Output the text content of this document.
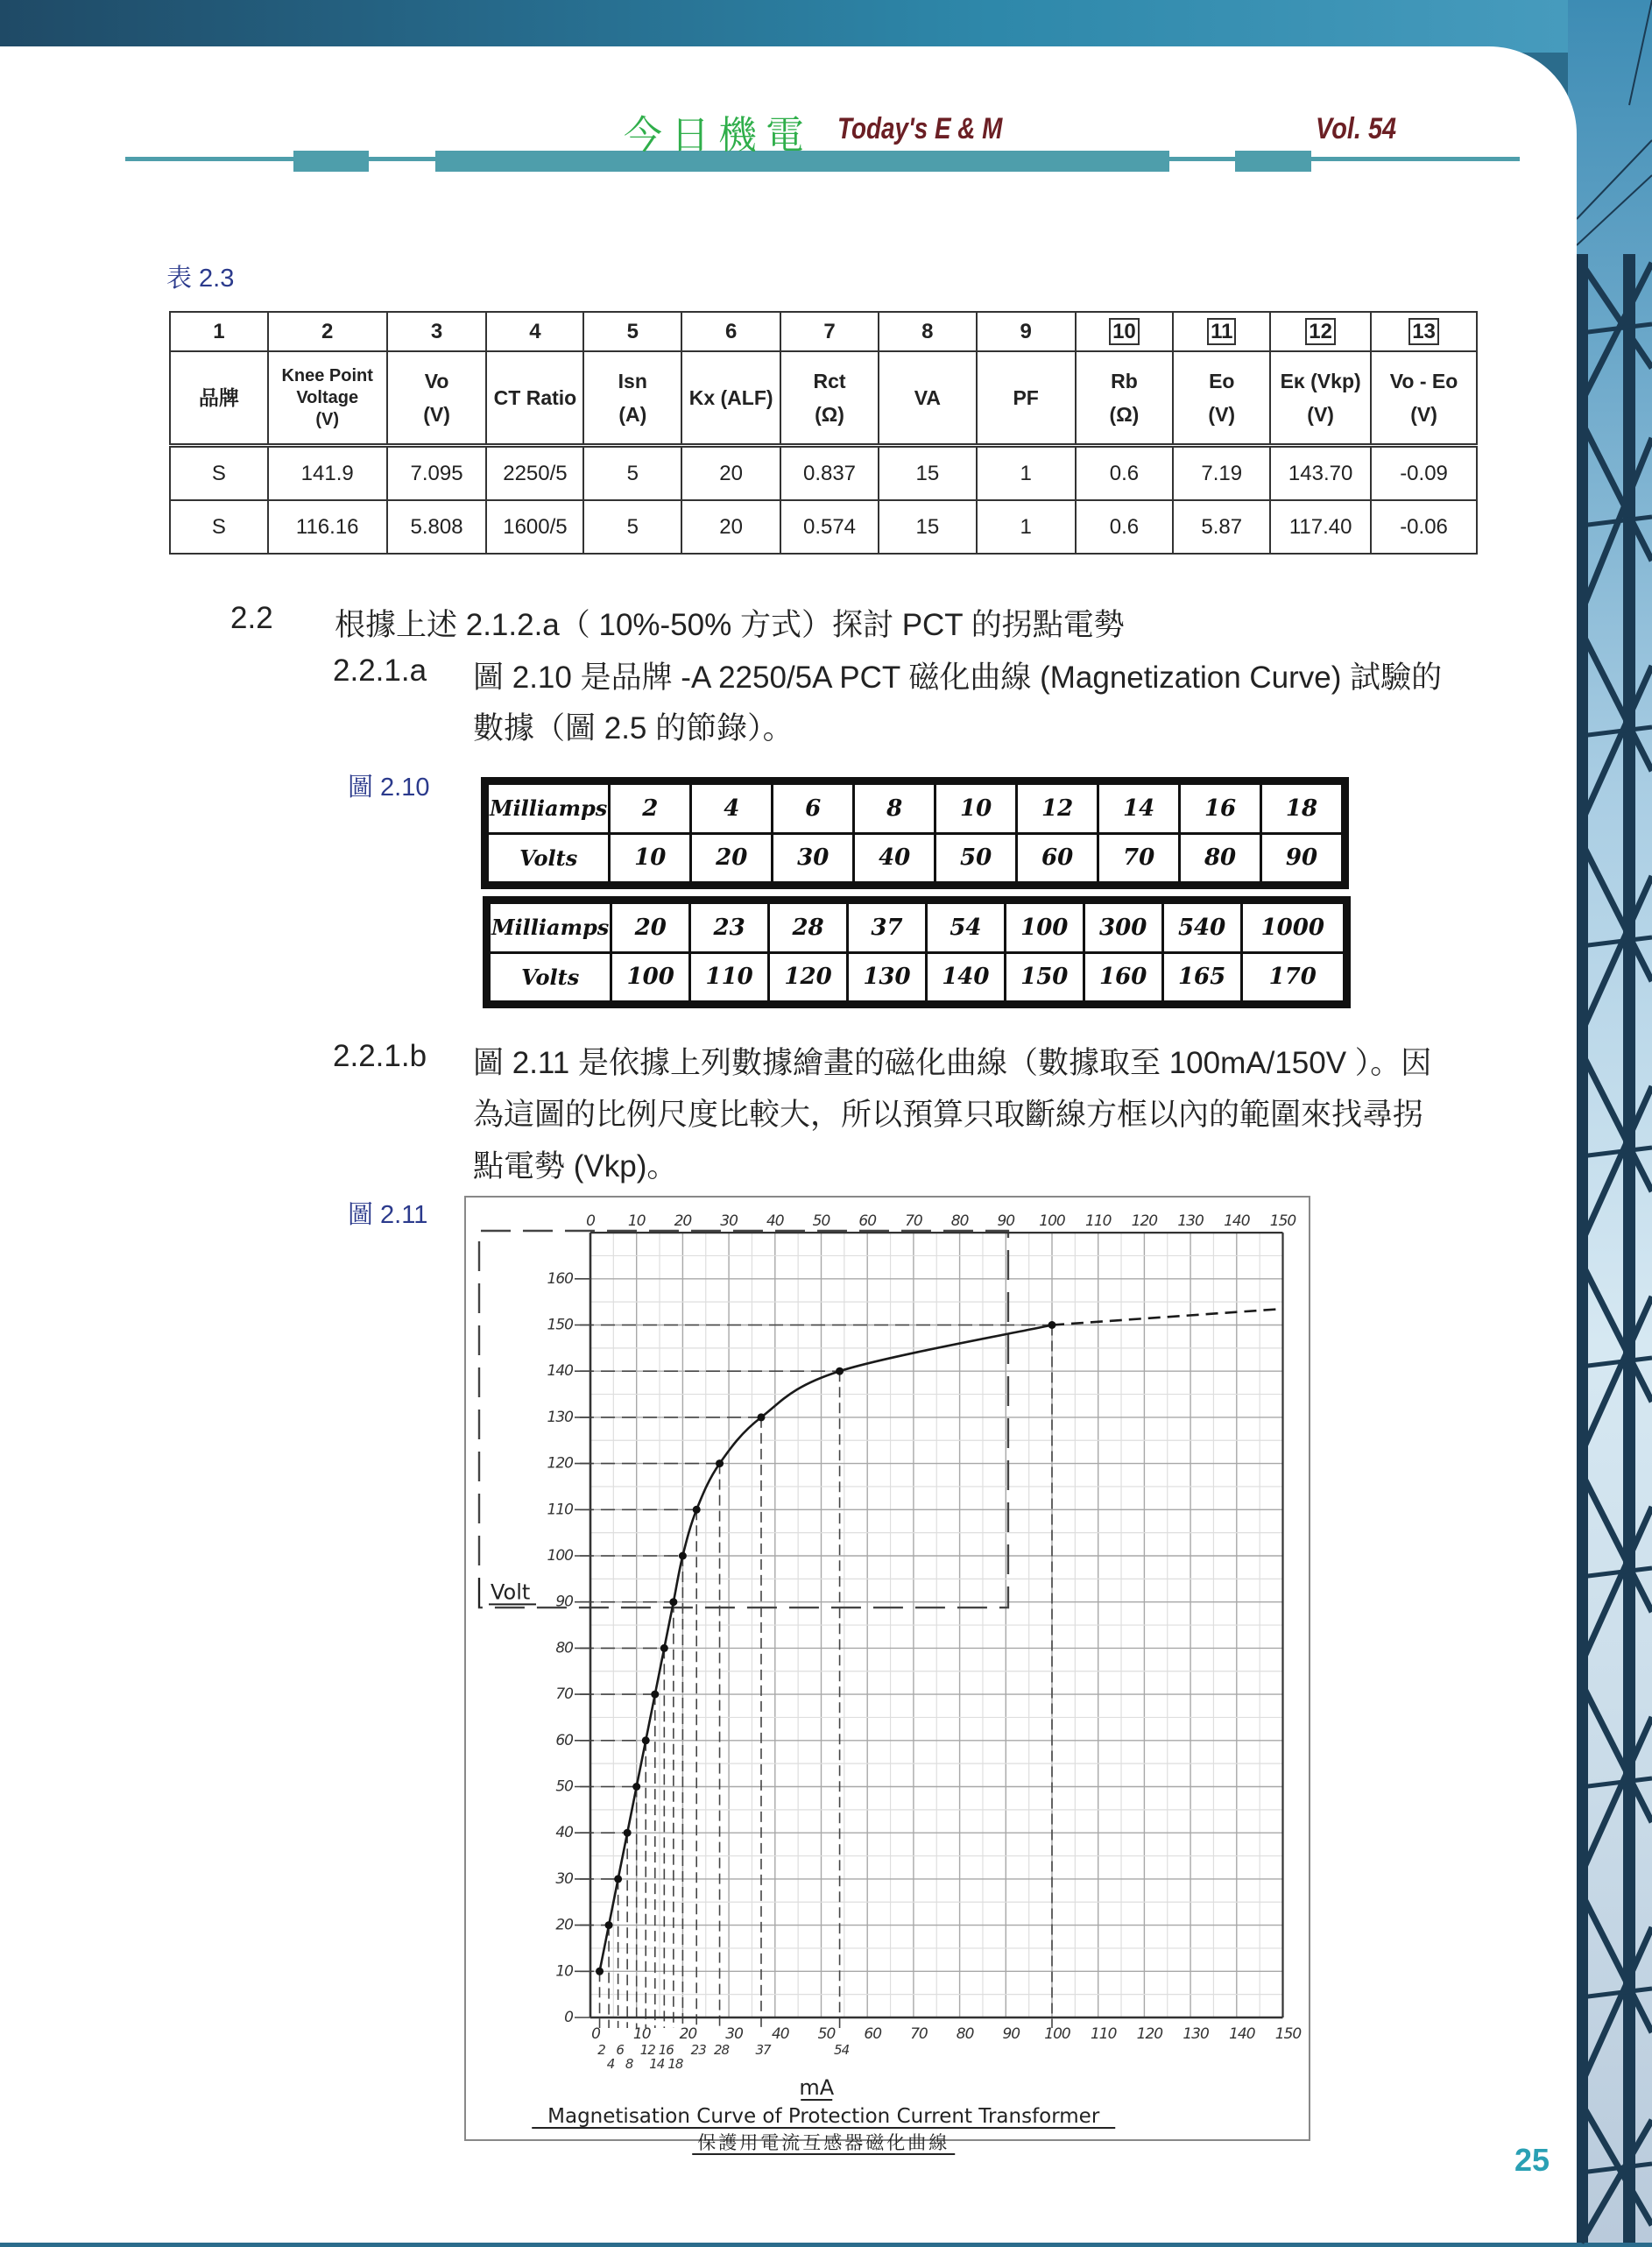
今日機電 Today's E & M	Vol. 54
表 2.3
1	2	3	4	5	6	7	8	9	10	11	12	13

品牌

Knee Point
Voltage
(V)

Vo
(V)

CT Ratio

Isn
(A)

Kx (ALF)

Rct
(Ω)

VA	PF

Rb
(Ω)

Eo
(V)

Eκ (Vkp)
(V)

Vo - Eo
(V)

S	141.9	7.095	2250/5	5	20	0.837	15	1	0.6	7.19	143.70	-0.09
S	116.16	5.808	1600/5	5	20	0.574	15	1	0.6	5.87	117.40	-0.06
2.2 根據上述 2.1.2.a（ 10%-50% 方式）探討 PCT 的拐點電勢
2.2.1.a 圖 2.10 是品牌 -A 2250/5A PCT 磁化曲線 (Magnetization Curve) 試驗的
數據（圖 2.5 的節錄）。
圖 2.10
Milliamps	2	4	6	8	10	12	14	16	18
Volts	10	20	30	40	50	60	70	80	90
Milliamps	20	23	28	37	54	100	300	540	1000
Volts	100	110	120	130	140	150	160	165	170
2.2.1.b 圖 2.11 是依據上列數據繪畫的磁化曲線（數據取至 100mA/150V ）。因
為這圖的比例尺度比較大，所以預算只取斷線方框以內的範圍來找尋拐
點電勢 (Vkp)。
圖 2.11	0
0
10
10
20
20
30
30
40
40
50
50
60
60
70
70
80
80
90
90
100
100
110
110
120
120
130
130
140
140
150
150
0
10
20
30
40
50
60
70
80
90
100
110
120
130
140
150
160
2
4
6
8
12
14
16
18
23 28 37	54
Volt
mA
Magnetisation Curve of Protection Current Transformer
保護用電流互感器磁化曲線	25
